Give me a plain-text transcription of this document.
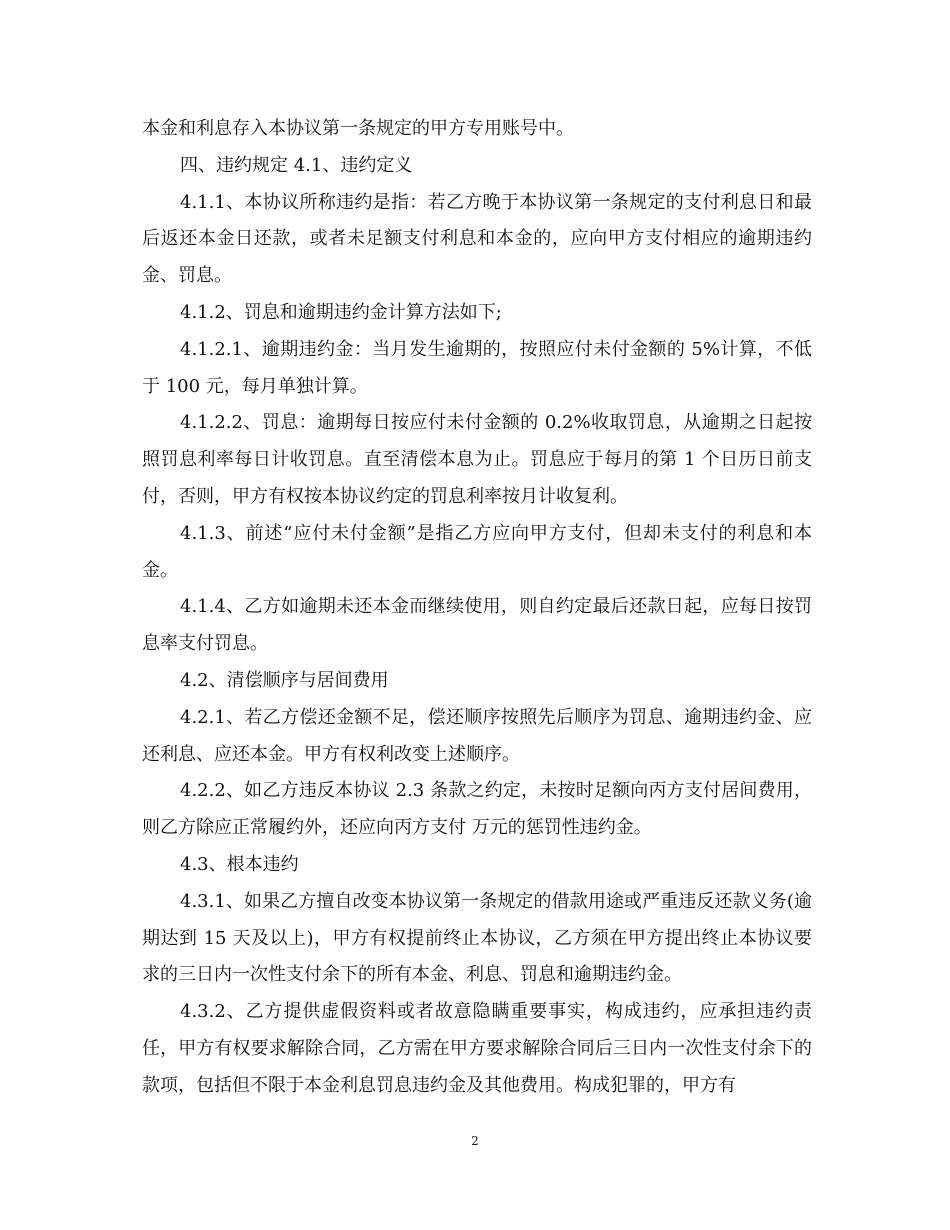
本金和利息存入本协议第一条规定的甲方专用账号中。

四、违约规定 4.1、违约定义

4.1.1、本协议所称违约是指：若乙方晚于本协议第一条规定的支付利息日和最后返还本金日还款，或者未足额支付利息和本金的，应向甲方支付相应的逾期违约金、罚息。

4.1.2、罚息和逾期违约金计算方法如下;

4.1.2.1、逾期违约金：当月发生逾期的，按照应付未付金额的 5%计算，不低于 100 元，每月单独计算。

4.1.2.2、罚息：逾期每日按应付未付金额的 0.2%收取罚息，从逾期之日起按照罚息利率每日计收罚息。直至清偿本息为止。罚息应于每月的第 1 个日历日前支付，否则，甲方有权按本协议约定的罚息利率按月计收复利。

4.1.3、前述“应付未付金额”是指乙方应向甲方支付，但却未支付的利息和本金。

4.1.4、乙方如逾期未还本金而继续使用，则自约定最后还款日起，应每日按罚息率支付罚息。

4.2、清偿顺序与居间费用

4.2.1、若乙方偿还金额不足，偿还顺序按照先后顺序为罚息、逾期违约金、应还利息、应还本金。甲方有权利改变上述顺序。

4.2.2、如乙方违反本协议 2.3 条款之约定，未按时足额向丙方支付居间费用，则乙方除应正常履约外，还应向丙方支付 万元的惩罚性违约金。

4.3、根本违约

4.3.1、如果乙方擅自改变本协议第一条规定的借款用途或严重违反还款义务(逾期达到 15 天及以上)，甲方有权提前终止本协议，乙方须在甲方提出终止本协议要求的三日内一次性支付余下的所有本金、利息、罚息和逾期违约金。

4.3.2、乙方提供虚假资料或者故意隐瞒重要事实，构成违约，应承担违约责任，甲方有权要求解除合同，乙方需在甲方要求解除合同后三日内一次性支付余下的款项，包括但不限于本金利息罚息违约金及其他费用。构成犯罪的，甲方有

2
